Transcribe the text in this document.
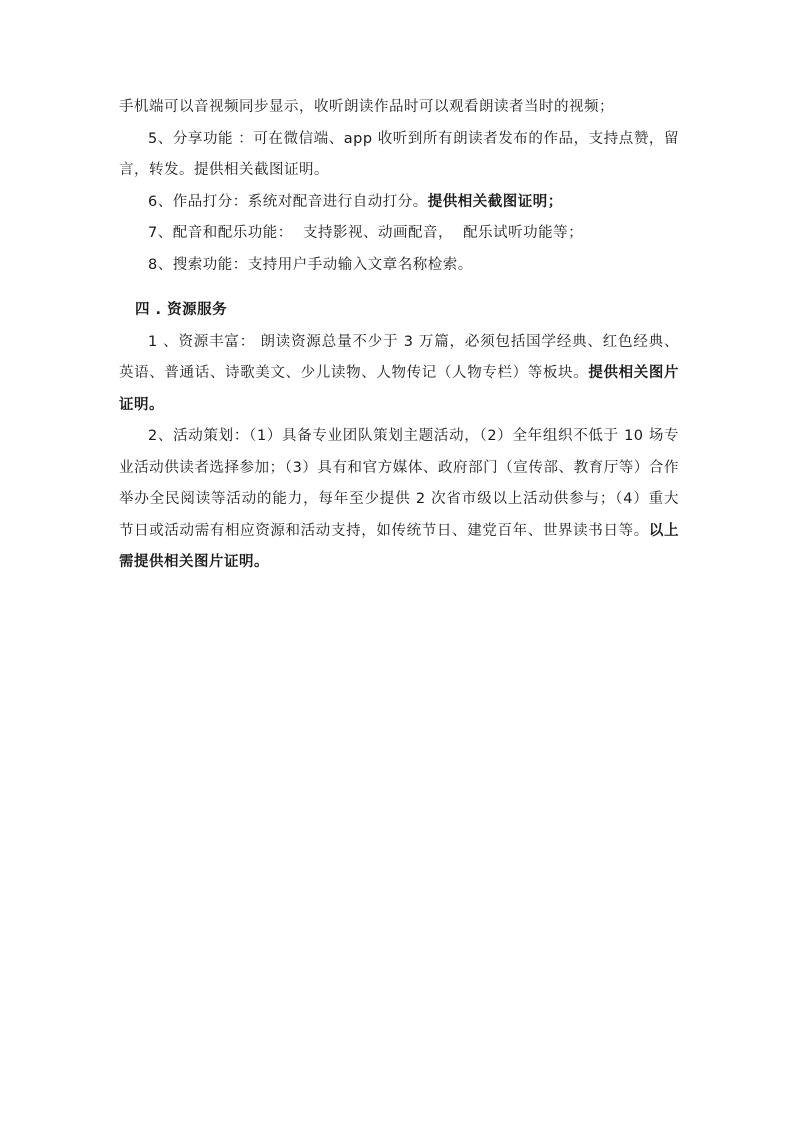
手机端可以音视频同步显示，收听朗读作品时可以观看朗读者当时的视频；

5、分享功能 ：可在微信端、app 收听到所有朗读者发布的作品，支持点赞，留言，转发。提供相关截图证明。

6、作品打分：系统对配音进行自动打分。提供相关截图证明；

7、配音和配乐功能：  支持影视、动画配音，  配乐试听功能等；

8、搜索功能：支持用户手动输入文章名称检索。

四 . 资源服务

1 、资源丰富： 朗读资源总量不少于 3 万篇，必须包括国学经典、红色经典、英语、普通话、诗歌美文、少儿读物、人物传记（人物专栏）等板块。提供相关图片证明。

2、活动策划：（1）具备专业团队策划主题活动，（2）全年组织不低于 10 场专业活动供读者选择参加；（3）具有和官方媒体、政府部门（宣传部、教育厅等）合作举办全民阅读等活动的能力，每年至少提供 2 次省市级以上活动供参与；（4）重大节日或活动需有相应资源和活动支持，如传统节日、建党百年、世界读书日等。以上需提供相关图片证明。
